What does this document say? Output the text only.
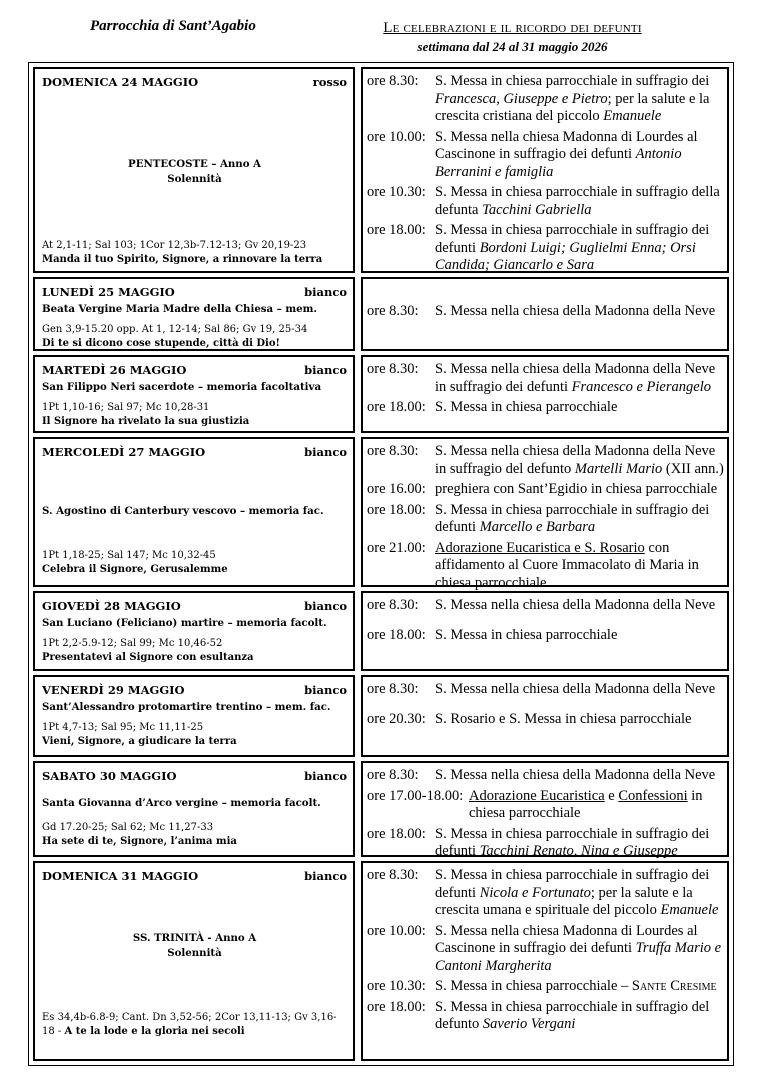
Parrocchia di Sant’Agabio	Le celebrazioni e il ricordo dei defunti
settimana dal 24 al 31 maggio 2026
DOMENICA 24 MAGGIO	rosso
PENTECOSTE – Anno A
Solennità
At 2,1-11; Sal 103; 1Cor 12,3b-7.12-13; Gv 20,19-23
Manda il tuo Spirito, Signore, a rinnovare la terra
ore 8.30: S. Messa in chiesa parrocchiale in suffragio dei Francesca, Giuseppe e Pietro; per la salute e la crescita cristiana del piccolo Emanuele
ore 10.00: S. Messa nella chiesa Madonna di Lourdes al Cascinone in suffragio dei defunti Antonio Berranini e famiglia
ore 10.30: S. Messa in chiesa parrocchiale in suffragio della defunta Tacchini Gabriella
ore 18.00: S. Messa in chiesa parrocchiale in suffragio dei defunti Bordoni Luigi; Guglielmi Enna; Orsi Candida; Giancarlo e Sara
LUNEDÌ 25 MAGGIO	bianco
Beata Vergine Maria Madre della Chiesa – mem.
Gen 3,9-15.20 opp. At 1, 12-14; Sal 86; Gv 19, 25-34
Di te si dicono cose stupende, città di Dio!
ore 8.30: S. Messa nella chiesa della Madonna della Neve
MARTEDÌ 26 MAGGIO	bianco
San Filippo Neri sacerdote – memoria facoltativa
1Pt 1,10-16; Sal 97; Mc 10,28-31
Il Signore ha rivelato la sua giustizia
ore 8.30: S. Messa nella chiesa della Madonna della Neve in suffragio dei defunti Francesco e Pierangelo
ore 18.00: S. Messa in chiesa parrocchiale
MERCOLEDÌ 27 MAGGIO	bianco
S. Agostino di Canterbury vescovo – memoria fac.
1Pt 1,18-25; Sal 147; Mc 10,32-45
Celebra il Signore, Gerusalemme
ore 8.30: S. Messa nella chiesa della Madonna della Neve in suffragio del defunto Martelli Mario (XII ann.)
ore 16.00: preghiera con Sant’Egidio in chiesa parrocchiale
ore 18.00: S. Messa in chiesa parrocchiale in suffragio dei defunti Marcello e Barbara
ore 21.00: Adorazione Eucaristica e S. Rosario con affidamento al Cuore Immacolato di Maria in chiesa parrocchiale
GIOVEDÌ 28 MAGGIO	bianco
San Luciano (Feliciano) martire – memoria facolt.
1Pt 2,2-5.9-12; Sal 99; Mc 10,46-52
Presentatevi al Signore con esultanza
ore 8.30: S. Messa nella chiesa della Madonna della Neve
ore 18.00: S. Messa in chiesa parrocchiale
VENERDÌ 29 MAGGIO	bianco
Sant’Alessandro protomartire trentino – mem. fac.
1Pt 4,7-13; Sal 95; Mc 11,11-25
Vieni, Signore, a giudicare la terra
ore 8.30: S. Messa nella chiesa della Madonna della Neve
ore 20.30: S. Rosario e S. Messa in chiesa parrocchiale
SABATO 30 MAGGIO	bianco
Santa Giovanna d’Arco vergine – memoria facolt.
Gd 17.20-25; Sal 62; Mc 11,27-33
Ha sete di te, Signore, l’anima mia
ore 8.30: S. Messa nella chiesa della Madonna della Neve
ore 17.00-18.00: Adorazione Eucaristica e Confessioni in chiesa parrocchiale
ore 18.00: S. Messa in chiesa parrocchiale in suffragio dei defunti Tacchini Renato, Nina e Giuseppe
DOMENICA 31 MAGGIO	bianco
SS. TRINITÀ - Anno A
Solennità
Es 34,4b-6.8-9; Cant. Dn 3,52-56; 2Cor 13,11-13; Gv 3,16-18 - A te la lode e la gloria nei secoli
ore 8.30: S. Messa in chiesa parrocchiale in suffragio dei defunti Nicola e Fortunato; per la salute e la crescita umana e spirituale del piccolo Emanuele
ore 10.00: S. Messa nella chiesa Madonna di Lourdes al Cascinone in suffragio dei defunti Truffa Mario e Cantoni Margherita
ore 10.30: S. Messa in chiesa parrocchiale – Sante Cresime
ore 18.00: S. Messa in chiesa parrocchiale in suffragio del defunto Saverio Vergani
